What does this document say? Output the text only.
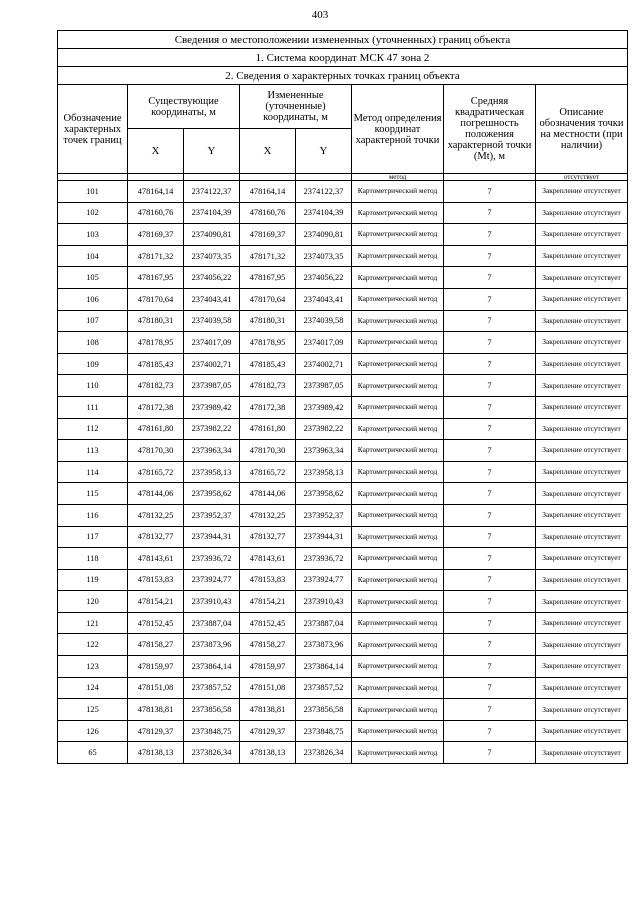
403
Сведения о местоположении измененных (уточненных) границ объекта							
1. Система координат МСК 47 зона 2							
2. Сведения о характерных точках границ объекта							
Обозначение характерных точек границ	Существующие координаты, м		Измененные (уточненные) координаты, м		Метод определения координат характерной точки	Средняя квадратическая погрешность положения характерной точки (Mt), м	Описание обозначения точки на местности (при наличии)
	X	Y	X	Y			
					метод		отсутствует
101	478164,14	2374122,37	478164,14	2374122,37	Картометрический метод	7	Закрепление отсутствует
102	478160,76	2374104,39	478160,76	2374104,39	Картометрический метод	7	Закрепление отсутствует
103	478169,37	2374090,81	478169,37	2374090,81	Картометрический метод	7	Закрепление отсутствует
104	478171,32	2374073,35	478171,32	2374073,35	Картометрический метод	7	Закрепление отсутствует
105	478167,95	2374056,22	478167,95	2374056,22	Картометрический метод	7	Закрепление отсутствует
106	478170,64	2374043,41	478170,64	2374043,41	Картометрический метод	7	Закрепление отсутствует
107	478180,31	2374039,58	478180,31	2374039,58	Картометрический метод	7	Закрепление отсутствует
108	478178,95	2374017,09	478178,95	2374017,09	Картометрический метод	7	Закрепление отсутствует
109	478185,43	2374002,71	478185,43	2374002,71	Картометрический метод	7	Закрепление отсутствует
110	478182,73	2373987,05	478182,73	2373987,05	Картометрический метод	7	Закрепление отсутствует
111	478172,38	2373989,42	478172,38	2373989,42	Картометрический метод	7	Закрепление отсутствует
112	478161,80	2373982,22	478161,80	2373982,22	Картометрический метод	7	Закрепление отсутствует
113	478170,30	2373963,34	478170,30	2373963,34	Картометрический метод	7	Закрепление отсутствует
114	478165,72	2373958,13	478165,72	2373958,13	Картометрический метод	7	Закрепление отсутствует
115	478144,06	2373958,62	478144,06	2373958,62	Картометрический метод	7	Закрепление отсутствует
116	478132,25	2373952,37	478132,25	2373952,37	Картометрический метод	7	Закрепление отсутствует
117	478132,77	2373944,31	478132,77	2373944,31	Картометрический метод	7	Закрепление отсутствует
118	478143,61	2373936,72	478143,61	2373936,72	Картометрический метод	7	Закрепление отсутствует
119	478153,83	2373924,77	478153,83	2373924,77	Картометрический метод	7	Закрепление отсутствует
120	478154,21	2373910,43	478154,21	2373910,43	Картометрический метод	7	Закрепление отсутствует
121	478152,45	2373887,04	478152,45	2373887,04	Картометрический метод	7	Закрепление отсутствует
122	478158,27	2373873,96	478158,27	2373873,96	Картометрический метод	7	Закрепление отсутствует
123	478159,97	2373864,14	478159,97	2373864,14	Картометрический метод	7	Закрепление отсутствует
124	478151,08	2373857,52	478151,08	2373857,52	Картометрический метод	7	Закрепление отсутствует
125	478138,81	2373856,58	478138,81	2373856,58	Картометрический метод	7	Закрепление отсутствует
126	478129,37	2373848,75	478129,37	2373848,75	Картометрический метод	7	Закрепление отсутствует
65	478138,13	2373826,34	478138,13	2373826,34	Картометрический метод	7	Закрепление отсутствует
